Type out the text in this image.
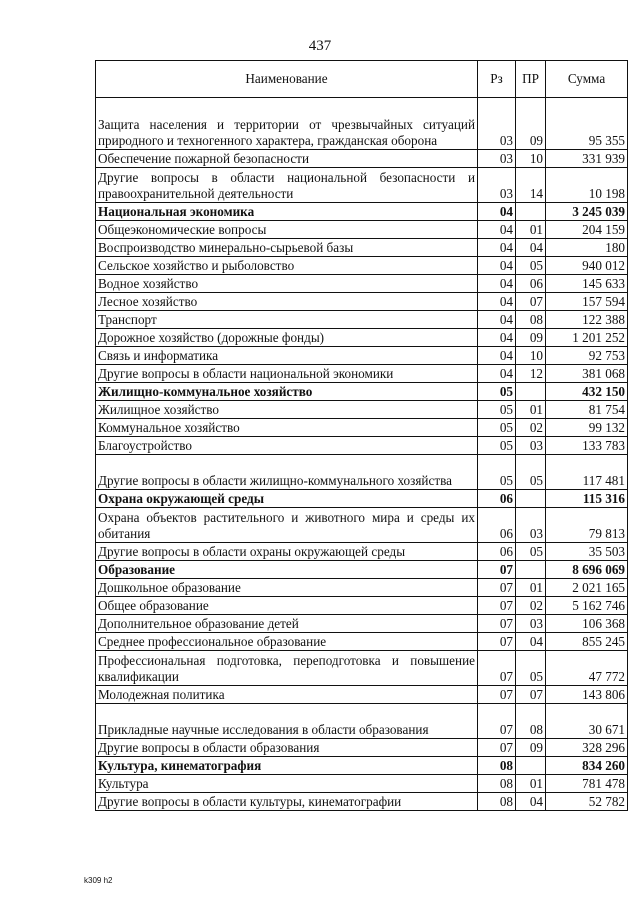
437
Наименование	Рз	ПР	Сумма
Защита населения и территории от чрезвычайных ситуаций природного и техногенного характера, гражданская оборона	03	09	95 355
Обеспечение пожарной безопасности	03	10	331 939
Другие вопросы в области национальной безопасности и правоохранительной деятельности	03	14	10 198
Национальная экономика	04		3 245 039
Общеэкономические вопросы	04	01	204 159
Воспроизводство минерально-сырьевой базы	04	04	180
Сельское хозяйство и рыболовство	04	05	940 012
Водное хозяйство	04	06	145 633
Лесное хозяйство	04	07	157 594
Транспорт	04	08	122 388
Дорожное хозяйство (дорожные фонды)	04	09	1 201 252
Связь и информатика	04	10	92 753
Другие вопросы в области национальной экономики	04	12	381 068
Жилищно-коммунальное хозяйство	05		432 150
Жилищное хозяйство	05	01	81 754
Коммунальное хозяйство	05	02	99 132
Благоустройство	05	03	133 783
Другие вопросы в области жилищно-коммунального хозяйства	05	05	117 481
Охрана окружающей среды	06		115 316
Охрана объектов растительного и животного мира и среды их обитания	06	03	79 813
Другие вопросы в области охраны окружающей среды	06	05	35 503
Образование	07		8 696 069
Дошкольное образование	07	01	2 021 165
Общее образование	07	02	5 162 746
Дополнительное образование детей	07	03	106 368
Среднее профессиональное образование	07	04	855 245
Профессиональная подготовка, переподготовка и повышение квалификации	07	05	47 772
Молодежная политика	07	07	143 806
Прикладные научные исследования в области образования	07	08	30 671
Другие вопросы в области образования	07	09	328 296
Культура, кинематография	08		834 260
Культура	08	01	781 478
Другие вопросы в области культуры, кинематографии	08	04	52 782
k309 h2
